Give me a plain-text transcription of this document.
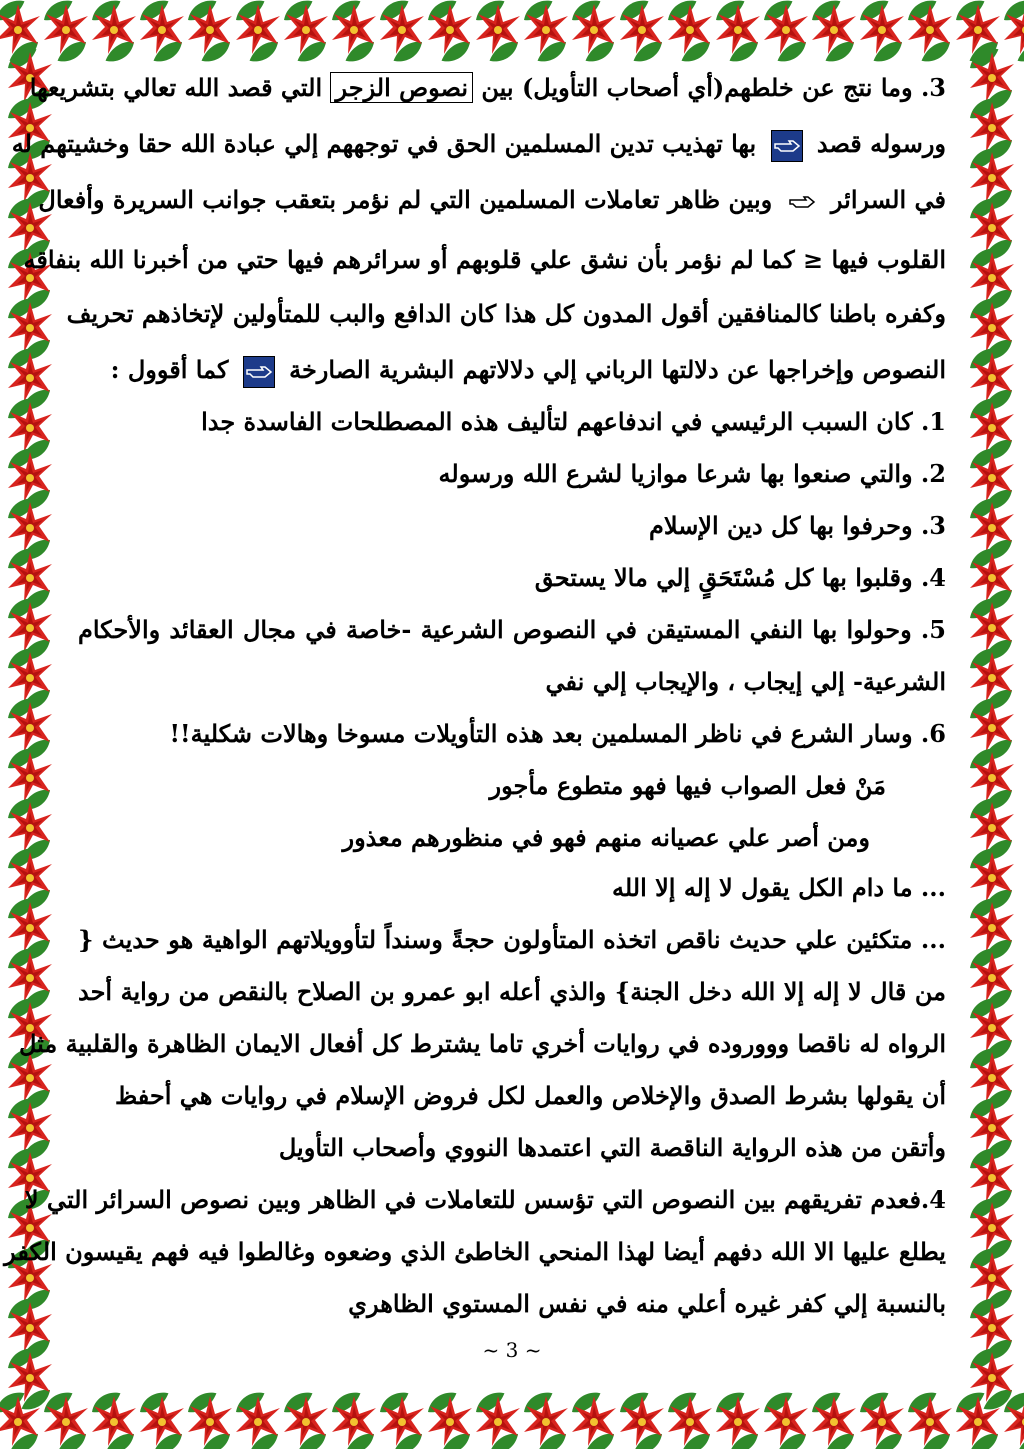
3. وما نتج عن خلطهم(أي أصحاب التأويل) بين نصوص الزجر التي قصد الله تعالي بتشريعها
ورسوله قصد  بها تهذيب تدين المسلمين الحق في توجههم إلي عبادة الله حقا وخشيتهم له
في السرائر  وبين ظاهر تعاملات المسلمين التي لم نؤمر بتعقب جوانب السريرة وأفعال
القلوب فيها ≤ كما لم نؤمر بأن نشق علي قلوبهم أو سرائرهم فيها حتي من أخبرنا الله بنفاقه
وكفره باطنا كالمنافقين أقول المدون كل هذا كان الدافع والبب للمتأولين لإتخاذهم تحريف
النصوص وإخراجها عن دلالتها الرباني إلي دلالاتهم البشرية الصارخة  كما أقوول :
1. كان السبب الرئيسي في اندفاعهم لتأليف هذه المصطلحات الفاسدة جدا
2. والتي صنعوا بها شرعا موازيا لشرع الله ورسوله
3. وحرفوا بها كل دين الإسلام
4. وقلبوا بها كل مُسْتَحَقٍ إلي مالا يستحق
5. وحولوا بها النفي المستيقن في النصوص الشرعية -خاصة في مجال العقائد والأحكام
الشرعية- إلي إيجاب ، والإيجاب إلي نفي
6. وسار الشرع في ناظر المسلمين بعد هذه التأويلات مسوخا وهالات شكلية!!
مَنْ فعل الصواب فيها فهو متطوع مأجور
ومن أصر علي عصيانه منهم فهو في منظورهم معذور
... ما دام الكل يقول لا إله إلا الله
... متكئين علي حديث ناقص اتخذه المتأولون حجةً وسنداً لتأوويلاتهم الواهية هو حديث {
من قال لا إله إلا الله دخل الجنة} والذي أعله ابو عمرو بن الصلاح بالنقص من رواية أحد
الرواه له ناقصا وووروده في روايات أخري تاما يشترط كل أفعال الايمان الظاهرة والقلبية مثل
أن يقولها بشرط الصدق والإخلاص والعمل لكل فروض الإسلام في روايات هي أحفظ
وأتقن من هذه الرواية الناقصة التي اعتمدها النووي وأصحاب التأويل
4.فعدم تفريقهم بين النصوص التي تؤسس للتعاملات في الظاهر وبين نصوص السرائر التي لا
يطلع عليها الا الله دفهم أيضا لهذا المنحي الخاطئ الذي وضعوه وغالطوا فيه فهم يقيسون الكفر
بالنسبة إلي كفر غيره أعلي منه في نفس المستوي الظاهري
~ 3 ~
